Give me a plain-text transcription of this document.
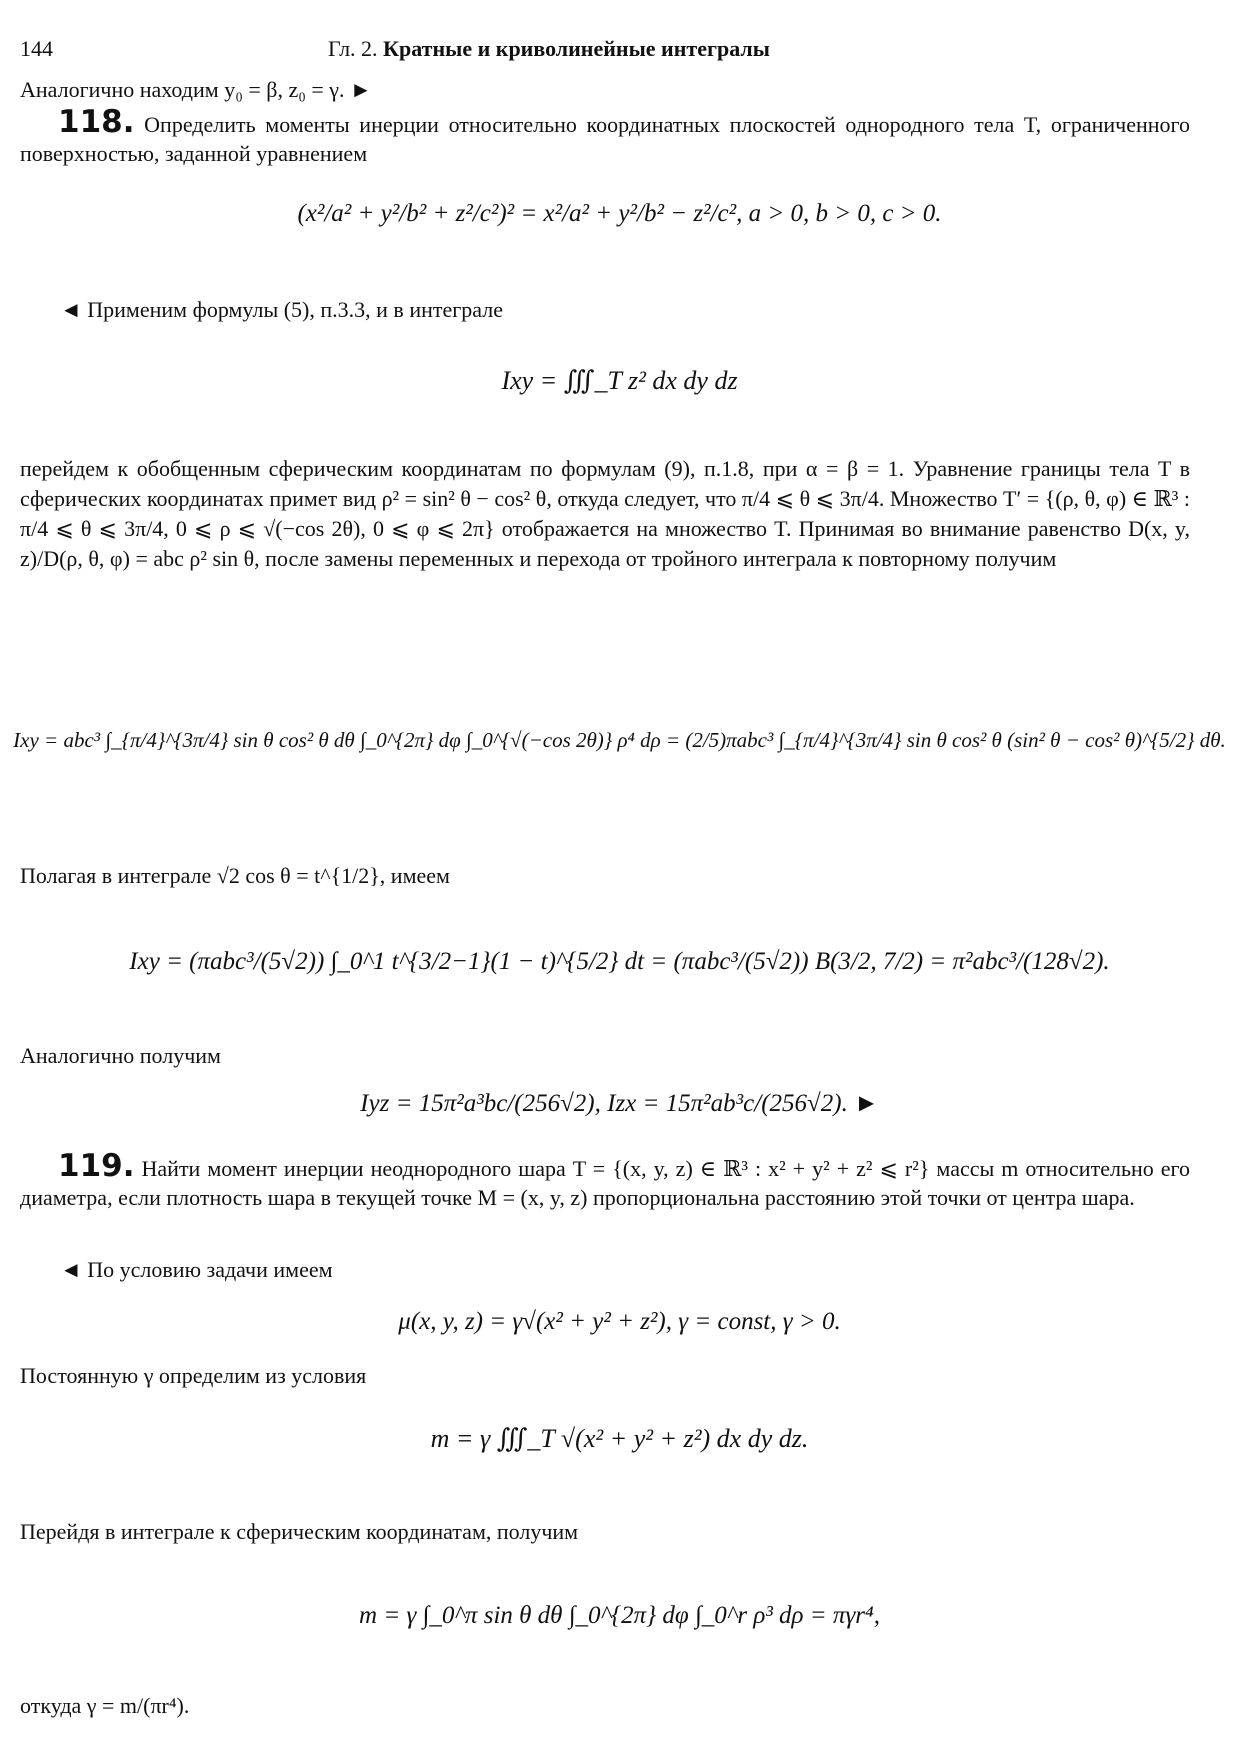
144	Гл. 2. Кратные и криволинейные интегралы
Аналогично находим y₀ = β, z₀ = γ. ►
118. Определить моменты инерции относительно координатных плоскостей однородного тела T, ограниченного поверхностью, заданной уравнением
(x²/a² + y²/b² + z²/c²)² = x²/a² + y²/b² − z²/c², a > 0, b > 0, c > 0.
◄ Применим формулы (5), п.3.3, и в интеграле
Ixy = ∭_T z² dx dy dz
перейдем к обобщенным сферическим координатам по формулам (9), п.1.8, при α = β = 1. Уравнение границы тела T в сферических координатах примет вид ρ² = sin² θ − cos² θ, откуда следует, что π/4 ⩽ θ ⩽ 3π/4. Множество T′ = {(ρ, θ, φ) ∈ ℝ³ : π/4 ⩽ θ ⩽ 3π/4, 0 ⩽ ρ ⩽ √(−cos 2θ), 0 ⩽ φ ⩽ 2π} отображается на множество T. Принимая во внимание равенство D(x, y, z)/D(ρ, θ, φ) = abc ρ² sin θ, после замены переменных и перехода от тройного интеграла к повторному получим
Ixy = abc³ ∫_{π/4}^{3π/4} sin θ cos² θ dθ ∫_0^{2π} dφ ∫_0^{√(−cos 2θ)} ρ⁴ dρ = (2/5)πabc³ ∫_{π/4}^{3π/4} sin θ cos² θ (sin² θ − cos² θ)^{5/2} dθ.
Полагая в интеграле √2 cos θ = t^{1/2}, имеем
Ixy = (πabc³/(5√2)) ∫_0^1 t^{3/2−1}(1 − t)^{5/2} dt = (πabc³/(5√2)) B(3/2, 7/2) = π²abc³/(128√2).
Аналогично получим
Iyz = 15π²a³bc/(256√2), Izx = 15π²ab³c/(256√2). ►
119. Найти момент инерции неоднородного шара T = {(x, y, z) ∈ ℝ³ : x² + y² + z² ⩽ r²} массы m относительно его диаметра, если плотность шара в текущей точке M = (x, y, z) пропорциональна расстоянию этой точки от центра шара.
◄ По условию задачи имеем
μ(x, y, z) = γ√(x² + y² + z²), γ = const, γ > 0.
Постоянную γ определим из условия
m = γ ∭_T √(x² + y² + z²) dx dy dz.
Перейдя в интеграле к сферическим координатам, получим
m = γ ∫_0^π sin θ dθ ∫_0^{2π} dφ ∫_0^r ρ³ dρ = πγr⁴,
откуда γ = m/(πr⁴).
